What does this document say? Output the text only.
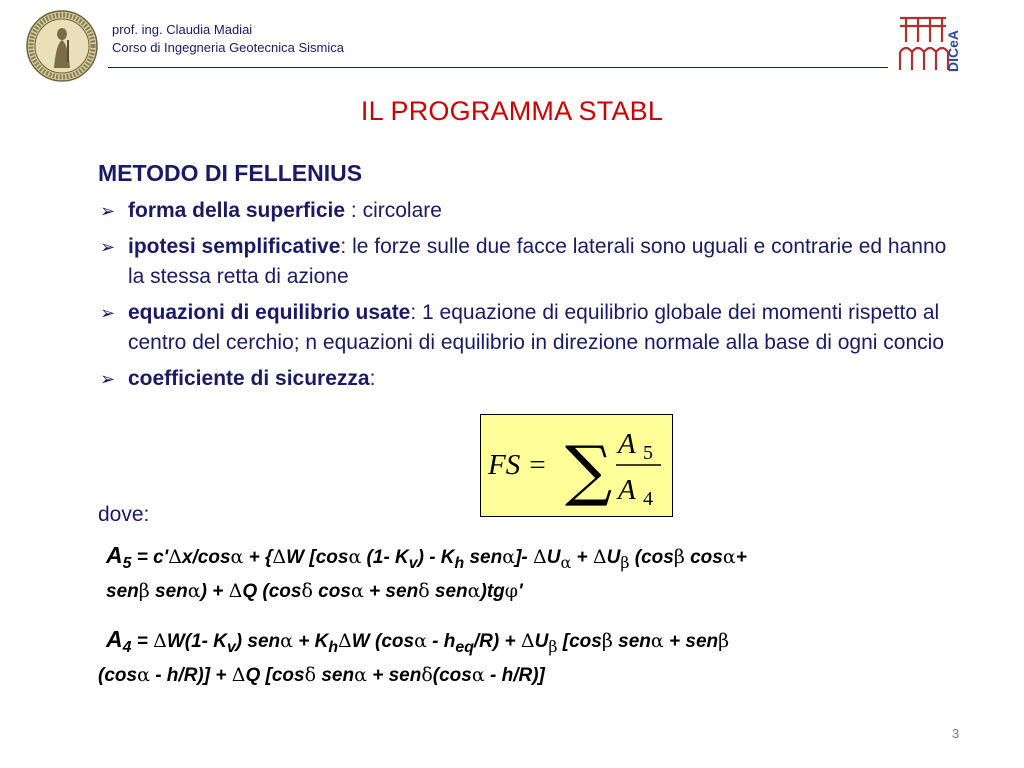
prof. ing. Claudia Madiai
Corso di Ingegneria Geotecnica Sismica	DICeA
IL PROGRAMMA STABL
METODO DI FELLENIUS
➢ forma della superficie : circolare
➢ ipotesi semplificative: le forze sulle due facce laterali sono uguali e contrarie ed hanno la stessa retta di azione
➢ equazioni di equilibrio usate: 1 equazione di equilibrio globale dei momenti rispetto al centro del cerchio; n equazioni di equilibrio in direzione normale alla base di ogni concio
➢ coefficiente di sicurezza:
FS = ∑ A 5
A 4
dove:
$A_5 = c'\Delta x/\cos\alpha + \{\Delta W$ [cosα (1- $K_v) - K_h$ senα]- $\Delta U_\alpha + \Delta U_\beta$ (cosβ cosα+
senβ senα) + ΔQ (cosδ cosα + senδ senα)tgφ'
$A_4 = \Delta W(1-$ $K_v$) $sen\alpha + K_h\Delta W$ $(\cos\alpha - h_{eq}/R) + \Delta U_\beta$ [cosβ senα + senβ
(cosα - h/R)] + ΔQ [cosδ senα + senδ(cosα - h/R)]
3
